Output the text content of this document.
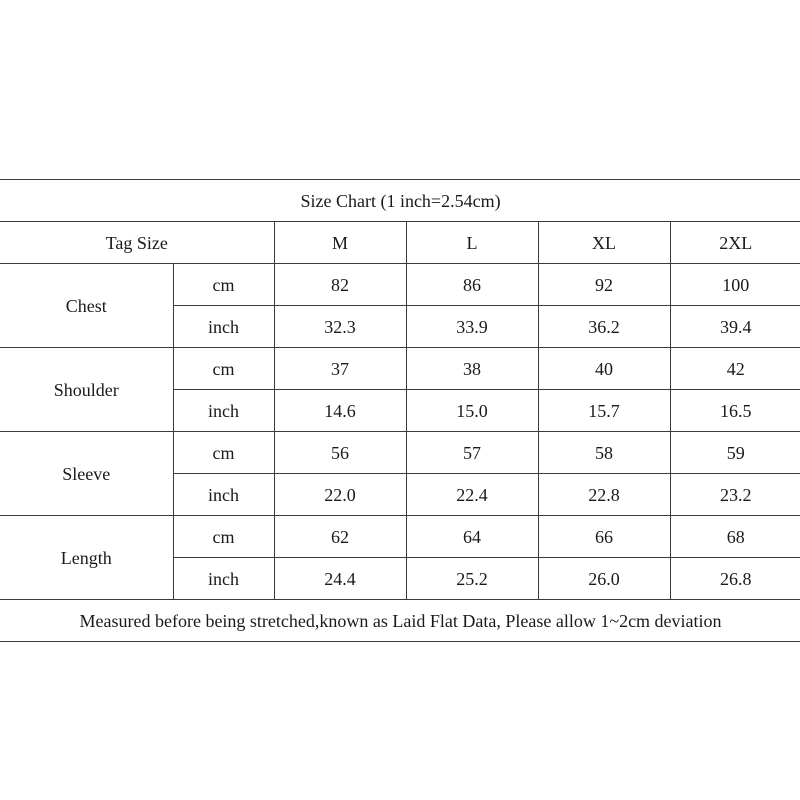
Size Chart (1 inch=2.54cm)					
Tag Size		M	L	XL	2XL
Chest	cm	82	86	92	100
	inch	32.3	33.9	36.2	39.4
Shoulder	cm	37	38	40	42
	inch	14.6	15.0	15.7	16.5
Sleeve	cm	56	57	58	59
	inch	22.0	22.4	22.8	23.2
Length	cm	62	64	66	68
	inch	24.4	25.2	26.0	26.8
Measured before being stretched,known as Laid Flat Data, Please allow 1~2cm deviation					
